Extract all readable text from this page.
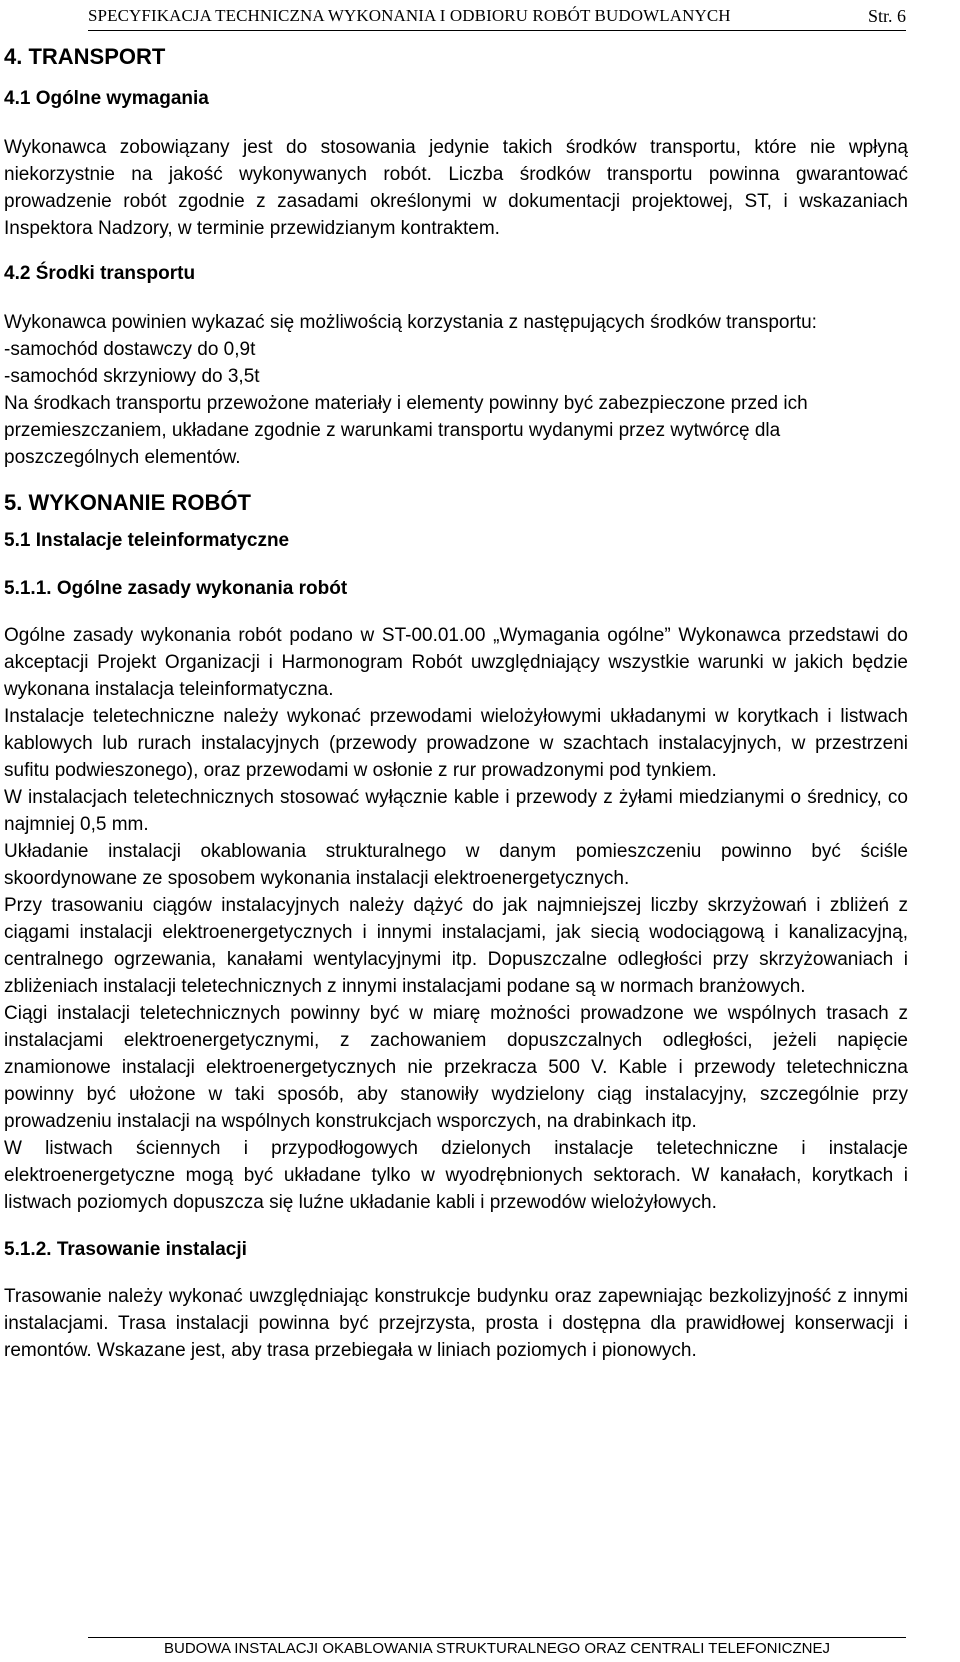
SPECYFIKACJA TECHNICZNA WYKONANIA I ODBIORU ROBÓT BUDOWLANYCH	Str. 6
4. TRANSPORT
4.1 Ogólne wymagania

Wykonawca zobowiązany jest do stosowania jedynie takich środków transportu, które nie wpłyną niekorzystnie na jakość wykonywanych robót. Liczba środków transportu powinna gwarantować prowadzenie robót zgodnie z zasadami określonymi w dokumentacji projektowej, ST, i wskazaniach Inspektora Nadzory, w terminie przewidzianym kontraktem.

4.2 Środki transportu

Wykonawca powinien wykazać się możliwością korzystania z następujących środków transportu:

-samochód dostawczy do 0,9t

-samochód skrzyniowy do 3,5t

Na środkach transportu przewożone materiały i elementy powinny być zabezpieczone przed ich przemieszczaniem, układane zgodnie z warunkami transportu wydanymi przez wytwórcę dla poszczególnych elementów.

5. WYKONANIE ROBÓT
5.1 Instalacje teleinformatyczne
5.1.1. Ogólne zasady wykonania robót

Ogólne zasady wykonania robót podano w ST-00.01.00 „Wymagania ogólne” Wykonawca przedstawi do akceptacji Projekt Organizacji i Harmonogram Robót uwzględniający wszystkie warunki w jakich będzie wykonana instalacja teleinformatyczna.

Instalacje teletechniczne należy wykonać przewodami wielożyłowymi układanymi w korytkach i listwach kablowych lub rurach instalacyjnych (przewody prowadzone w szachtach instalacyjnych, w przestrzeni sufitu podwieszonego), oraz przewodami w osłonie z rur prowadzonymi pod tynkiem.

W instalacjach teletechnicznych stosować wyłącznie kable i przewody z żyłami miedzianymi o średnicy, co najmniej 0,5 mm.

Układanie instalacji okablowania strukturalnego w danym pomieszczeniu powinno być ściśle skoordynowane ze sposobem wykonania instalacji elektroenergetycznych.

Przy trasowaniu ciągów instalacyjnych należy dążyć do jak najmniejszej liczby skrzyżowań i zbliżeń z ciągami instalacji elektroenergetycznych i innymi instalacjami, jak siecią wodociągową i kanalizacyjną, centralnego ogrzewania, kanałami wentylacyjnymi itp. Dopuszczalne odległości przy skrzyżowaniach i zbliżeniach instalacji teletechnicznych z innymi instalacjami podane są w normach branżowych.

Ciągi instalacji teletechnicznych powinny być w miarę możności prowadzone we wspólnych trasach z instalacjami elektroenergetycznymi, z zachowaniem dopuszczalnych odległości, jeżeli napięcie znamionowe instalacji elektroenergetycznych nie przekracza 500 V. Kable i przewody teletechniczna powinny być ułożone w taki sposób, aby stanowiły wydzielony ciąg instalacyjny, szczególnie przy prowadzeniu instalacji na wspólnych konstrukcjach wsporczych, na drabinkach itp.

W listwach ściennych i przypodłogowych dzielonych instalacje teletechniczne i instalacje elektroenergetyczne mogą być układane tylko w wyodrębnionych sektorach. W kanałach, korytkach i listwach poziomych dopuszcza się luźne układanie kabli i przewodów wielożyłowych.

5.1.2. Trasowanie instalacji

Trasowanie należy wykonać uwzględniając konstrukcje budynku oraz zapewniając bezkolizyjność z innymi instalacjami. Trasa instalacji powinna być przejrzysta, prosta i dostępna dla prawidłowej konserwacji i remontów. Wskazane jest, aby trasa przebiegała w liniach poziomych i pionowych.

BUDOWA INSTALACJI OKABLOWANIA STRUKTURALNEGO ORAZ CENTRALI TELEFONICZNEJ
